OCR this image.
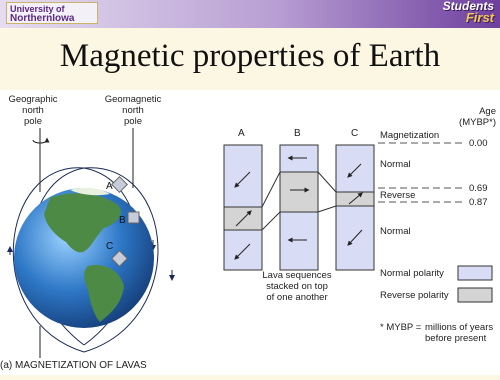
University of
NorthernIowa
Students
First
Magnetic properties of Earth
A
B
C
Geographic
north
pole
Geomagnetic
north
pole
(a) MAGNETIZATION OF LAVAS
A	B	C
Lava sequences
stacked on top
of one another
Age
(MYBP*)
Magnetization
0.00
0.69
0.87
Normal
Reverse
Normal
Normal polarity
Reverse polarity
* MYBP = millions of years
before present
